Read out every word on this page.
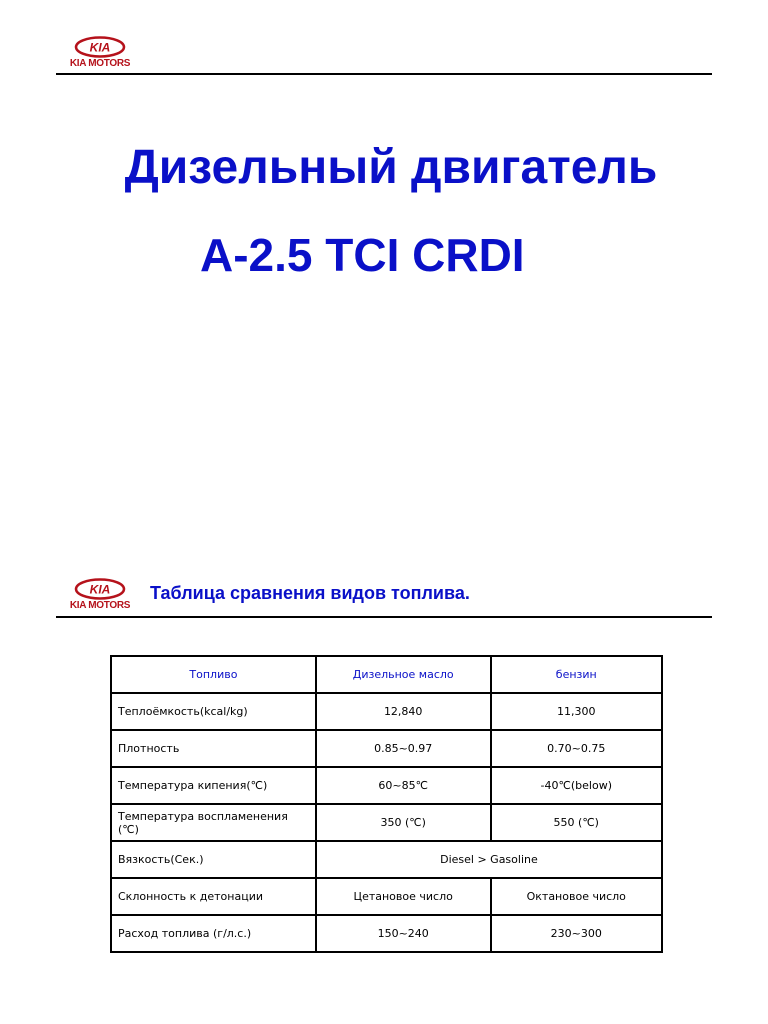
KIA
KIA MOTORS
Дизельный двигатель
A-2.5 TCI CRDI
KIA
KIA MOTORS
Таблица сравнения видов топлива.
Топливо	Дизельное масло	бензин
Теплоёмкость(kcal/kg)	12,840	11,300
Плотность	0.85~0.97	0.70~0.75
Температура кипения(℃)	60~85℃	-40℃(below)
Температура воспламенения (℃)	350 (℃)	550 (℃)
Вязкость(Сек.)	Diesel > Gasoline	
Склонность к детонации	Цетановое число	Октановое число
Расход топлива (г/л.с.)	150~240	230~300
